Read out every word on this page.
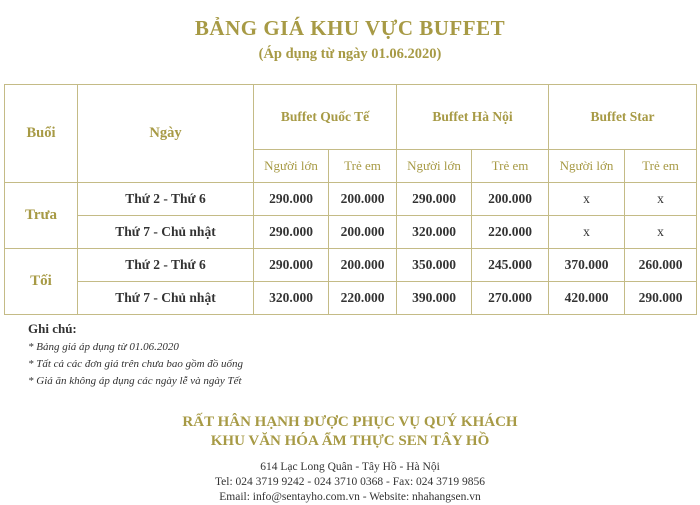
BẢNG GIÁ KHU VỰC BUFFET
(Áp dụng từ ngày 01.06.2020)
Buổi	Ngày	Buffet Quốc Tế		Buffet Hà Nội		Buffet Star	
		Người lớn	Trẻ em	Người lớn	Trẻ em	Người lớn	Trẻ em
Trưa	Thứ 2 - Thứ 6	290.000	200.000	290.000	200.000	x	x
	Thứ 7 - Chủ nhật	290.000	200.000	320.000	220.000	x	x
Tối	Thứ 2 - Thứ 6	290.000	200.000	350.000	245.000	370.000	260.000
	Thứ 7 - Chủ nhật	320.000	220.000	390.000	270.000	420.000	290.000
Ghi chú:
* Bảng giá áp dụng từ 01.06.2020
* Tất cả các đơn giá trên chưa bao gồm đồ uống
* Giá ăn không áp dụng các ngày lễ và ngày Tết
RẤT HÂN HẠNH ĐƯỢC PHỤC VỤ QUÝ KHÁCH
KHU VĂN HÓA ẨM THỰC SEN TÂY HỒ
614 Lạc Long Quân - Tây Hồ - Hà Nội
Tel: 024 3719 9242 - 024 3710 0368 - Fax: 024 3719 9856
Email: info@sentayho.com.vn - Website: nhahangsen.vn
